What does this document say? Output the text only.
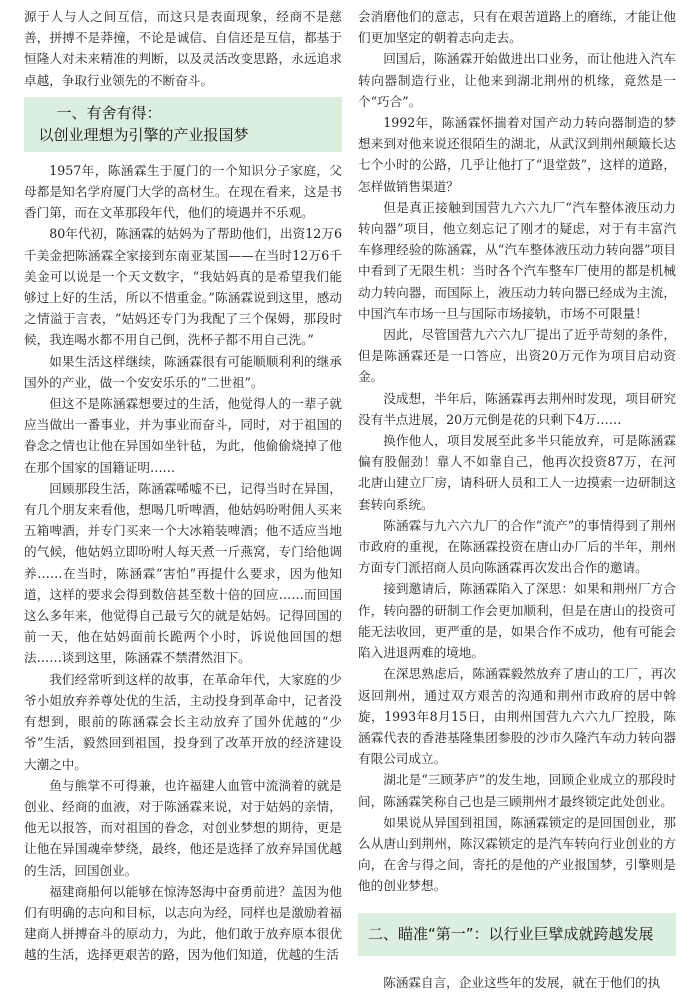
源于人与人之间互信，而这只是表面现象，经商不是慈善，拼搏不是莽撞，不论是诚信、自信还是互信，都基于恒隆人对未来精准的判断，以及灵活改变思路，永远追求卓越，争取行业领先的不断奋斗。

一、有舍有得：
以创业理想为引擎的产业报国梦

1957年，陈涵霖生于厦门的一个知识分子家庭，父母都是知名学府厦门大学的高材生。在现在看来，这是书香门第，而在文革那段年代，他们的境遇并不乐观。

80年代初，陈涵霖的姑妈为了帮助他们，出资12万6千美金把陈涵霖全家接到东南亚某国——在当时12万6千美金可以说是一个天文数字，“我姑妈真的是希望我们能够过上好的生活，所以不惜重金。”陈涵霖说到这里，感动之情溢于言表，“姑妈还专门为我配了三个保姆，那段时候，我连喝水都不用自己倒，洗杯子都不用自己洗。”

如果生活这样继续，陈涵霖很有可能顺顺利利的继承国外的产业，做一个安安乐乐的“二世祖”。

但这不是陈涵霖想要过的生活，他觉得人的一辈子就应当做出一番事业，并为事业而奋斗，同时，对于祖国的眷念之情也让他在异国如坐针毡，为此，他偷偷烧掉了他在那个国家的国籍证明……

回顾那段生活，陈涵霖唏嘘不已，记得当时在异国，有几个朋友来看他，想喝几听啤酒，他姑妈吩咐佣人买来五箱啤酒，并专门买来一个大冰箱装啤酒；他不适应当地的气候，他姑妈立即吩咐人每天煮一斤燕窝，专门给他调养……在当时，陈涵霖“害怕”再提什么要求，因为他知道，这样的要求会得到数倍甚至数十倍的回应……而回国这么多年来，他觉得自己最亏欠的就是姑妈。记得回国的前一天，他在姑妈面前长跪两个小时，诉说他回国的想法……谈到这里，陈涵霖不禁潸然泪下。

我们经常听到这样的故事，在革命年代，大家庭的少爷小姐放弃养尊处优的生活，主动投身到革命中，记者没有想到，眼前的陈涵霖会长主动放弃了国外优越的“少爷”生活，毅然回到祖国，投身到了改革开放的经济建设大潮之中。

鱼与熊掌不可得兼，也许福建人血管中流淌着的就是创业、经商的血液，对于陈涵霖来说，对于姑妈的亲情，他无以报答，而对祖国的眷念，对创业梦想的期待，更是让他在异国魂牵梦绕，最终，他还是选择了放弃异国优越的生活，回国创业。

福建商船何以能够在惊涛怒海中奋勇前进？盖因为他们有明确的志向和目标，以志向为经，同样也是激励着福建商人拼搏奋斗的原动力，为此，他们敢于放弃原本很优越的生活，选择更艰苦的路，因为他们知道，优越的生活

会消磨他们的意志，只有在艰苦道路上的磨练，才能让他们更加坚定的朝着志向走去。

回国后，陈涵霖开始做进出口业务，而让他进入汽车转向器制造行业，让他来到湖北荆州的机缘，竟然是一个“巧合”。

1992年，陈涵霖怀揣着对国产动力转向器制造的梦想来到对他来说还很陌生的湖北，从武汉到荆州颠簸长达七个小时的公路，几乎让他打了“退堂鼓”，这样的道路，怎样做销售渠道？

但是真正接触到国营九六六九厂“汽车整体液压动力转向器”项目，他立刻忘记了刚才的疑虑，对于有丰富汽车修理经验的陈涵霖，从“汽车整体液压动力转向器”项目中看到了无限生机：当时各个汽车整车厂使用的都是机械动力转向器，而国际上，液压动力转向器已经成为主流，中国汽车市场一旦与国际市场接轨，市场不可限量！

因此，尽管国营九六六九厂提出了近乎苛刻的条件，但是陈涵霖还是一口答应，出资20万元作为项目启动资金。

没成想，半年后，陈涵霖再去荆州时发现，项目研究没有半点进展，20万元倒是花的只剩下4万……

换作他人，项目发展至此多半只能放弃，可是陈涵霖偏有股倔劲！靠人不如靠自己，他再次投资87万，在河北唐山建立厂房，请科研人员和工人一边摸索一边研制这套转向系统。

陈涵霖与九六六九厂的合作“流产”的事情得到了荆州市政府的重视，在陈涵霖投资在唐山办厂后的半年，荆州方面专门派招商人员向陈涵霖再次发出合作的邀请。

接到邀请后，陈涵霖陷入了深思：如果和荆州厂方合作，转向器的研制工作会更加顺利，但是在唐山的投资可能无法收回，更严重的是，如果合作不成功，他有可能会陷入进退两难的境地。

在深思熟虑后，陈涵霖毅然放弃了唐山的工厂，再次返回荆州，通过双方艰苦的沟通和荆州市政府的居中斡旋，1993年8月15日，由荆州国营九六六九厂控股，陈涵霖代表的香港基隆集团参股的沙市久隆汽车动力转向器有限公司成立。

湖北是“三顾茅庐”的发生地，回顾企业成立的那段时间，陈涵霖笑称自己也是三顾荆州才最终锁定此处创业。

如果说从异国到祖国，陈涵霖锁定的是回国创业，那么从唐山到荆州，陈汉霖锁定的是汽车转向行业创业的方向，在舍与得之间，寄托的是他的产业报国梦，引擎则是他的创业梦想。

二、瞄准“第一”：以行业巨擘成就跨越发展

陈涵霖自言，企业这些年的发展，就在于他们的执
